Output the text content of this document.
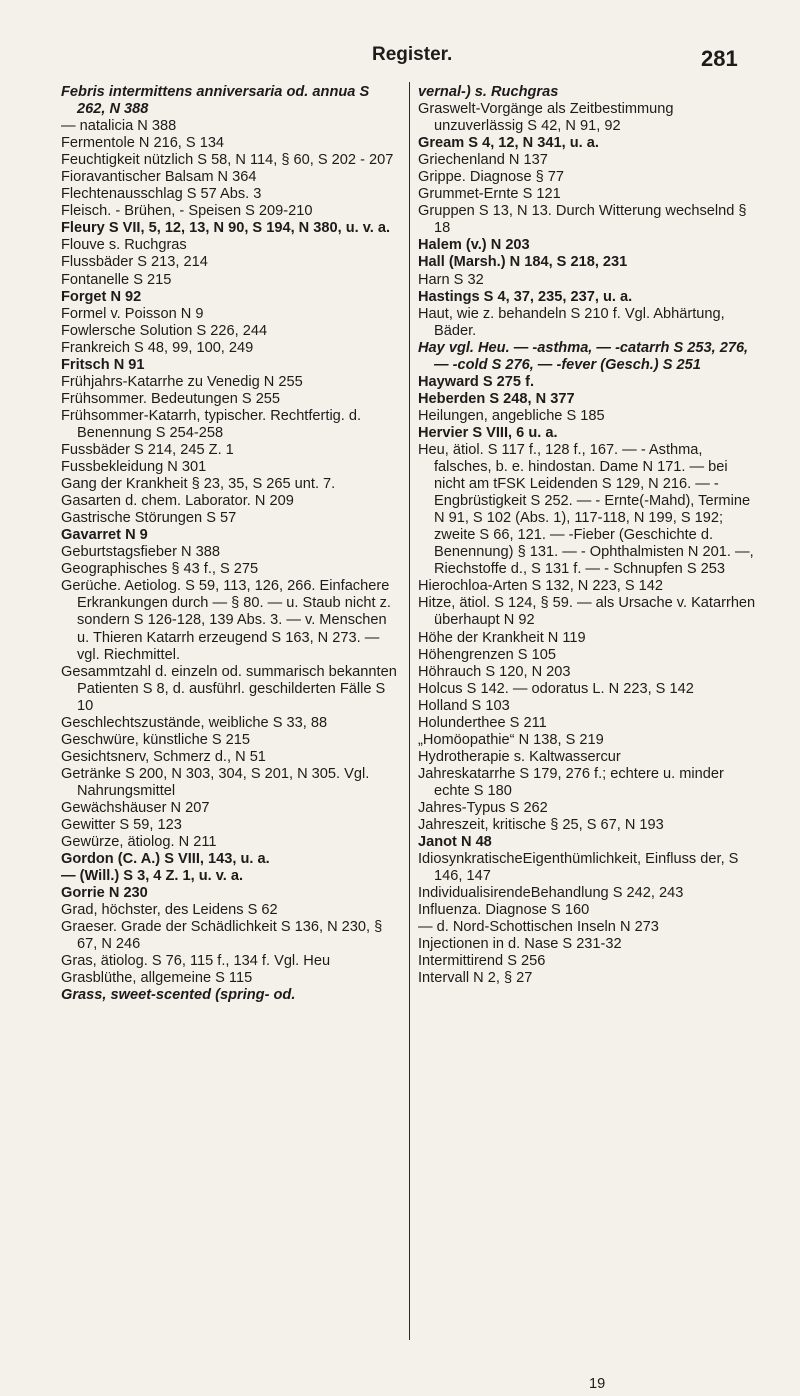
Register.	281
Febris intermittens anniversaria od. annua S 262, N 388
— natalicia N 388
Fermentole N 216, S 134
Feuchtigkeit nützlich S 58, N 114, § 60, S 202 - 207
Fioravantischer Balsam N 364
Flechtenausschlag S 57 Abs. 3
Fleisch. - Brühen, - Speisen S 209-210
Fleury S VII, 5, 12, 13, N 90, S 194, N 380, u. v. a.
Flouve s. Ruchgras
Flussbäder S 213, 214
Fontanelle S 215
Forget N 92
Formel v. Poisson N 9
Fowlersche Solution S 226, 244
Frankreich S 48, 99, 100, 249
Fritsch N 91
Frühjahrs-Katarrhe zu Venedig N 255
Frühsommer. Bedeutungen S 255
Frühsommer-Katarrh, typischer. Rechtfertig. d. Benennung S 254-258
Fussbäder S 214, 245 Z. 1
Fussbekleidung N 301
Gang der Krankheit § 23, 35, S 265 unt. 7.
Gasarten d. chem. Laborator. N 209
Gastrische Störungen S 57
Gavarret N 9
Geburtstagsfieber N 388
Geographisches § 43 f., S 275
Gerüche. Aetiolog. S 59, 113, 126, 266. Einfachere Erkrankungen durch — § 80. — u. Staub nicht z. sondern S 126-128, 139 Abs. 3. — v. Menschen u. Thieren Katarrh erzeugend S 163, N 273. — vgl. Riechmittel.
Gesammtzahl d. einzeln od. summarisch bekannten Patienten S 8, d. ausführl. geschilderten Fälle S 10
Geschlechtszustände, weibliche S 33, 88
Geschwüre, künstliche S 215
Gesichtsnerv, Schmerz d., N 51
Getränke S 200, N 303, 304, S 201, N 305. Vgl. Nahrungsmittel
Gewächshäuser N 207
Gewitter S 59, 123
Gewürze, ätiolog. N 211
Gordon (C. A.) S VIII, 143, u. a.
— (Will.) S 3, 4 Z. 1, u. v. a.
Gorrie N 230
Grad, höchster, des Leidens S 62
Graeser. Grade der Schädlichkeit S 136, N 230, § 67, N 246
Gras, ätiolog. S 76, 115 f., 134 f. Vgl. Heu
Grasblüthe, allgemeine S 115
Grass, sweet-scented (spring- od.
vernal-) s. Ruchgras
Graswelt-Vorgänge als Zeitbestimmung unzuverlässig S 42, N 91, 92
Gream S 4, 12, N 341, u. a.
Griechenland N 137
Grippe. Diagnose § 77
Grummet-Ernte S 121
Gruppen S 13, N 13. Durch Witterung wechselnd § 18
Halem (v.) N 203
Hall (Marsh.) N 184, S 218, 231
Harn S 32
Hastings S 4, 37, 235, 237, u. a.
Haut, wie z. behandeln S 210 f. Vgl. Abhärtung, Bäder.
Hay vgl. Heu. — -asthma, — -catarrh S 253, 276, — -cold S 276, — -fever (Gesch.) S 251
Hayward S 275 f.
Heberden S 248, N 377
Heilungen, angebliche S 185
Hervier S VIII, 6 u. a.
Heu, ätiol. S 117 f., 128 f., 167. — - Asthma, falsches, b. e. hindostan. Dame N 171. — bei nicht am tFSK Leidenden S 129, N 216. — - Engbrüstigkeit S 252. — - Ernte(-Mahd), Termine N 91, S 102 (Abs. 1), 117-118, N 199, S 192; zweite S 66, 121. — -Fieber (Geschichte d. Benennung) § 131. — - Ophthalmisten N 201. —, Riechstoffe d., S 131 f. — - Schnupfen S 253
Hierochloa-Arten S 132, N 223, S 142
Hitze, ätiol. S 124, § 59. — als Ursache v. Katarrhen überhaupt N 92
Höhe der Krankheit N 119
Höhengrenzen S 105
Höhrauch S 120, N 203
Holcus S 142. — odoratus L. N 223, S 142
Holland S 103
Holunderthee S 211
„Homöopathie“ N 138, S 219
Hydrotherapie s. Kaltwassercur
Jahreskatarrhe S 179, 276 f.; echtere u. minder echte S 180
Jahres-Typus S 262
Jahreszeit, kritische § 25, S 67, N 193
Janot N 48
IdiosynkratischeEigenthümlichkeit, Einfluss der, S 146, 147
IndividualisirendeBehandlung S 242, 243
Influenza. Diagnose S 160
— d. Nord-Schottischen Inseln N 273
Injectionen in d. Nase S 231-32
Intermittirend S 256
Intervall N 2, § 27
19
